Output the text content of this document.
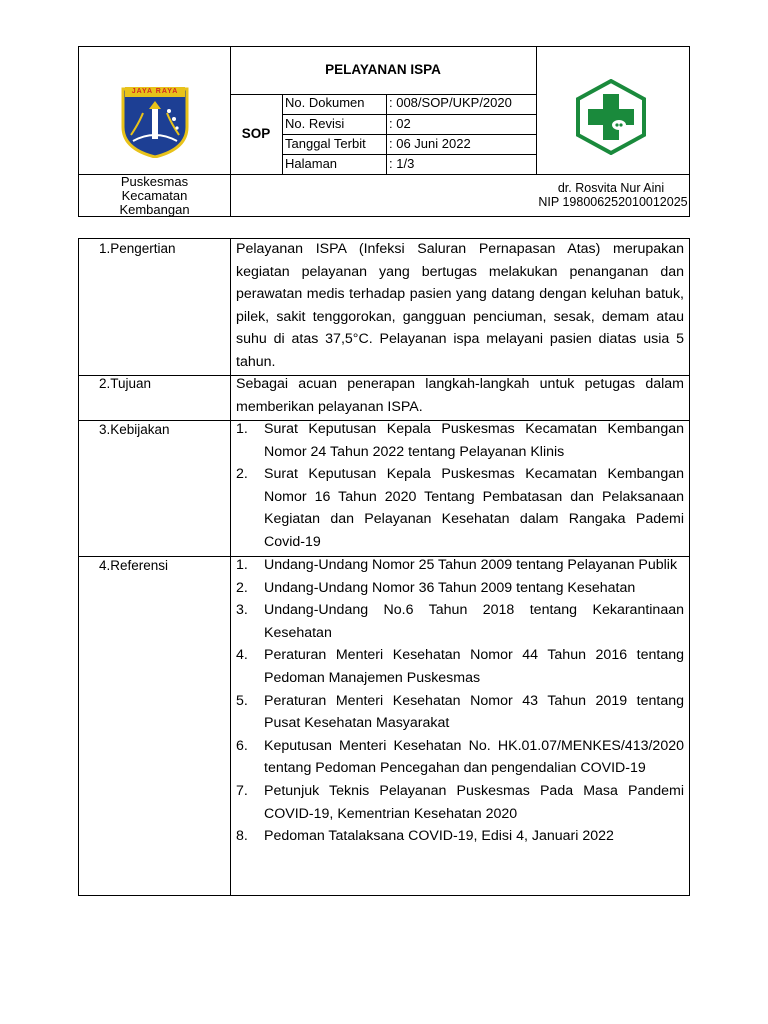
JAYA RAYA
PELAYANAN ISPA
SOP
No. Dokumen : 008/SOP/UKP/2020
No. Revisi	: 02
Tanggal Terbit : 06 Juni 2022
Halaman	: 1/3
Puskesmas
Kecamatan
Kembangan
dr. Rosvita Nur Aini
NIP 198006252010012025
1.Pengertian	Pelayanan ISPA (Infeksi Saluran Pernapasan Atas) merupakan kegiatan pelayanan yang bertugas melakukan penanganan dan perawatan medis terhadap pasien yang datang dengan keluhan batuk, pilek, sakit tenggorokan, gangguan penciuman, sesak, demam atau suhu di atas 37,5°C. Pelayanan ispa melayani pasien diatas usia 5 tahun.
2.Tujuan	Sebagai acuan penerapan langkah-langkah untuk petugas dalam memberikan pelayanan ISPA.
3.Kebijakan	1. Surat Keputusan Kepala Puskesmas Kecamatan Kembangan Nomor 24 Tahun 2022 tentang Pelayanan Klinis
2. Surat Keputusan Kepala Puskesmas Kecamatan Kembangan Nomor 16 Tahun 2020 Tentang Pembatasan dan Pelaksanaan Kegiatan dan Pelayanan Kesehatan dalam Rangaka Pademi Covid-19
4.Referensi	1. Undang-Undang Nomor 25 Tahun 2009 tentang Pelayanan Publik
2. Undang-Undang Nomor 36 Tahun 2009 tentang Kesehatan
3. Undang-Undang No.6 Tahun 2018 tentang Kekarantinaan Kesehatan
4. Peraturan Menteri Kesehatan Nomor 44 Tahun 2016 tentang Pedoman Manajemen Puskesmas
5. Peraturan Menteri Kesehatan Nomor 43 Tahun 2019 tentang Pusat Kesehatan Masyarakat
6. Keputusan Menteri Kesehatan No. HK.01.07/MENKES/413/2020 tentang Pedoman Pencegahan dan pengendalian COVID-19
7. Petunjuk Teknis Pelayanan Puskesmas Pada Masa Pandemi COVID-19, Kementrian Kesehatan 2020
8. Pedoman Tatalaksana COVID-19, Edisi 4, Januari 2022
